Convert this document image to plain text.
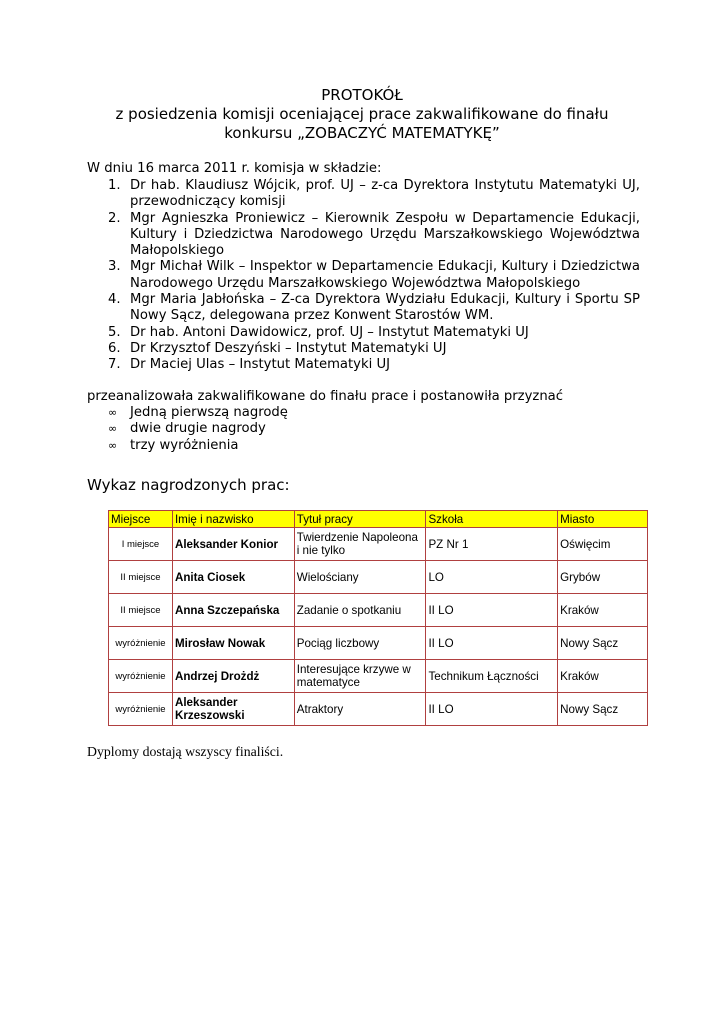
PROTOKÓŁ
z posiedzenia komisji oceniającej prace zakwalifikowane do finału
konkursu „ZOBACZYĆ MATEMATYKĘ”
W dniu 16 marca 2011 r. komisja w składzie:
1. Dr hab. Klaudiusz Wójcik, prof. UJ – z-ca Dyrektora Instytutu Matematyki UJ, przewodniczący komisji
2. Mgr Agnieszka Proniewicz – Kierownik Zespołu w Departamencie Edukacji, Kultury i Dziedzictwa Narodowego Urzędu Marszałkowskiego Województwa Małopolskiego
3. Mgr Michał Wilk – Inspektor w Departamencie Edukacji, Kultury i Dziedzictwa Narodowego Urzędu Marszałkowskiego Województwa Małopolskiego
4. Mgr Maria Jabłońska – Z-ca Dyrektora Wydziału Edukacji, Kultury i Sportu SP Nowy Sącz, delegowana przez Konwent Starostów WM.
5. Dr hab. Antoni Dawidowicz, prof. UJ – Instytut Matematyki UJ
6. Dr Krzysztof Deszyński – Instytut Matematyki UJ
7. Dr Maciej Ulas – Instytut Matematyki UJ
przeanalizowała zakwalifikowane do finału prace i postanowiła przyznać
∞ Jedną pierwszą nagrodę
∞ dwie drugie nagrody
∞ trzy wyróżnienia
Wykaz nagrodzonych prac:
Miejsce	Imię i nazwisko	Tytuł pracy	Szkoła	Miasto
I miejsce	Aleksander Konior	Twierdzenie Napoleona i nie tylko	PZ Nr 1	Oświęcim
II miejsce	Anita Ciosek	Wielościany	LO	Grybów
II miejsce	Anna Szczepańska	Zadanie o spotkaniu	II LO	Kraków
wyróżnienie	Mirosław Nowak	Pociąg liczbowy	II LO	Nowy Sącz
wyróżnienie	Andrzej Drożdż	Interesujące krzywe w matematyce	Technikum Łączności	Kraków
wyróżnienie	Aleksander Krzeszowski	Atraktory	II LO	Nowy Sącz
Dyplomy dostają wszyscy finaliści.
